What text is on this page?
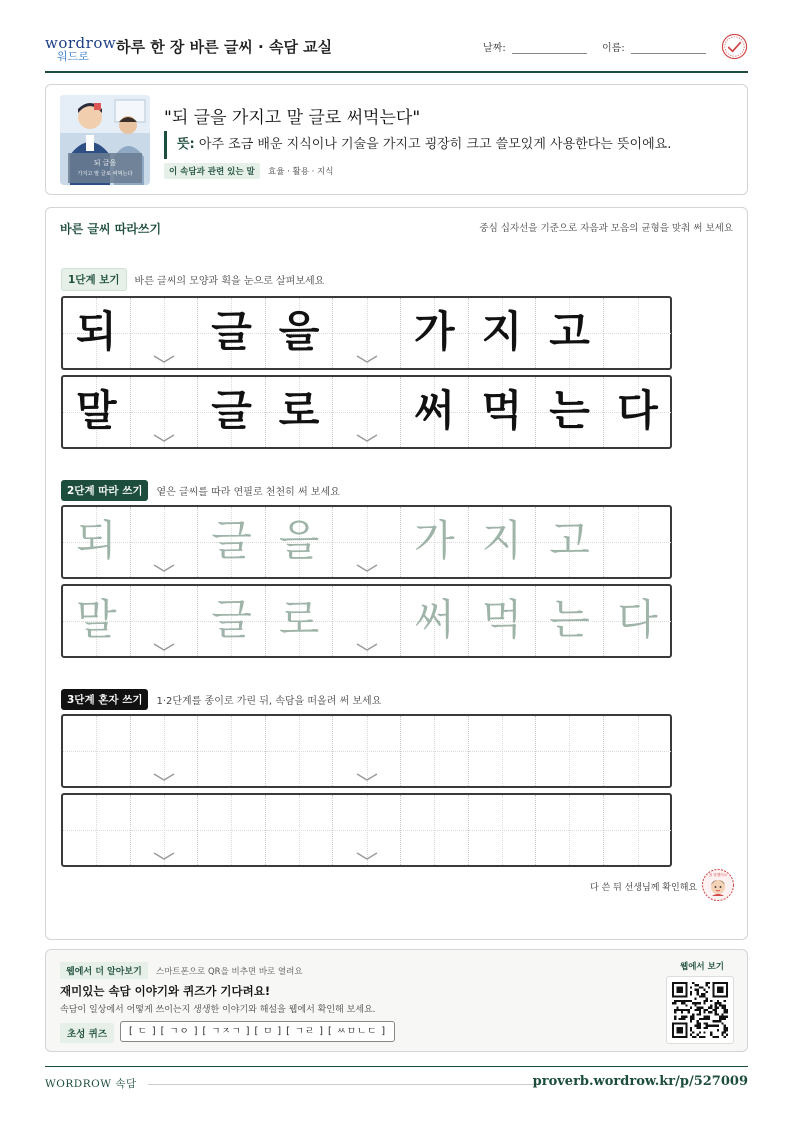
wordrow
워드로
하루 한 장 바른 글씨 · 속담 교실	날짜:	이름:
되 글을
가지고 말 글로 써먹는다
"되 글을 가지고 말 글로 써먹는다"
뜻: 아주 조금 배운 지식이나 기술을 가지고 굉장히 크고 쓸모있게 사용한다는 뜻이에요.
이 속담과 관련 있는 말	효율 · 활용 · 지식
바른 글씨 따라쓰기	중심 십자선을 기준으로 자음과 모음의 균형을 맞춰 써 보세요
1단계 보기	바른 글씨의 모양과 획을 눈으로 살펴보세요
되	글 을	가 지 고
말	글 로	써 먹 는 다
2단계 따라 쓰기	옅은 글씨를 따라 연필로 천천히 써 보세요
되	글 을	가 지 고
말	글 로	써 먹 는 다
3단계 혼자 쓰기	1·2단계를 종이로 가린 뒤, 속담을 떠올려 써 보세요
다 쓴 뒤 선생님께 확인해요
참 잘했어요
웹에서 더 알아보기	스마트폰으로 QR을 비추면 바로 열려요
재미있는 속담 이야기와 퀴즈가 기다려요!
속담이 일상에서 어떻게 쓰이는지 생생한 이야기와 해설을 웹에서 확인해 보세요.
초성 퀴즈	[ ㄷ ] [ ㄱㅇ ] [ ㄱㅈㄱ ] [ ㅁ ] [ ㄱㄹ ] [ ㅆㅁㄴㄷ ]
웹에서 보기
WORDROW 속담	proverb.wordrow.kr/p/527009
